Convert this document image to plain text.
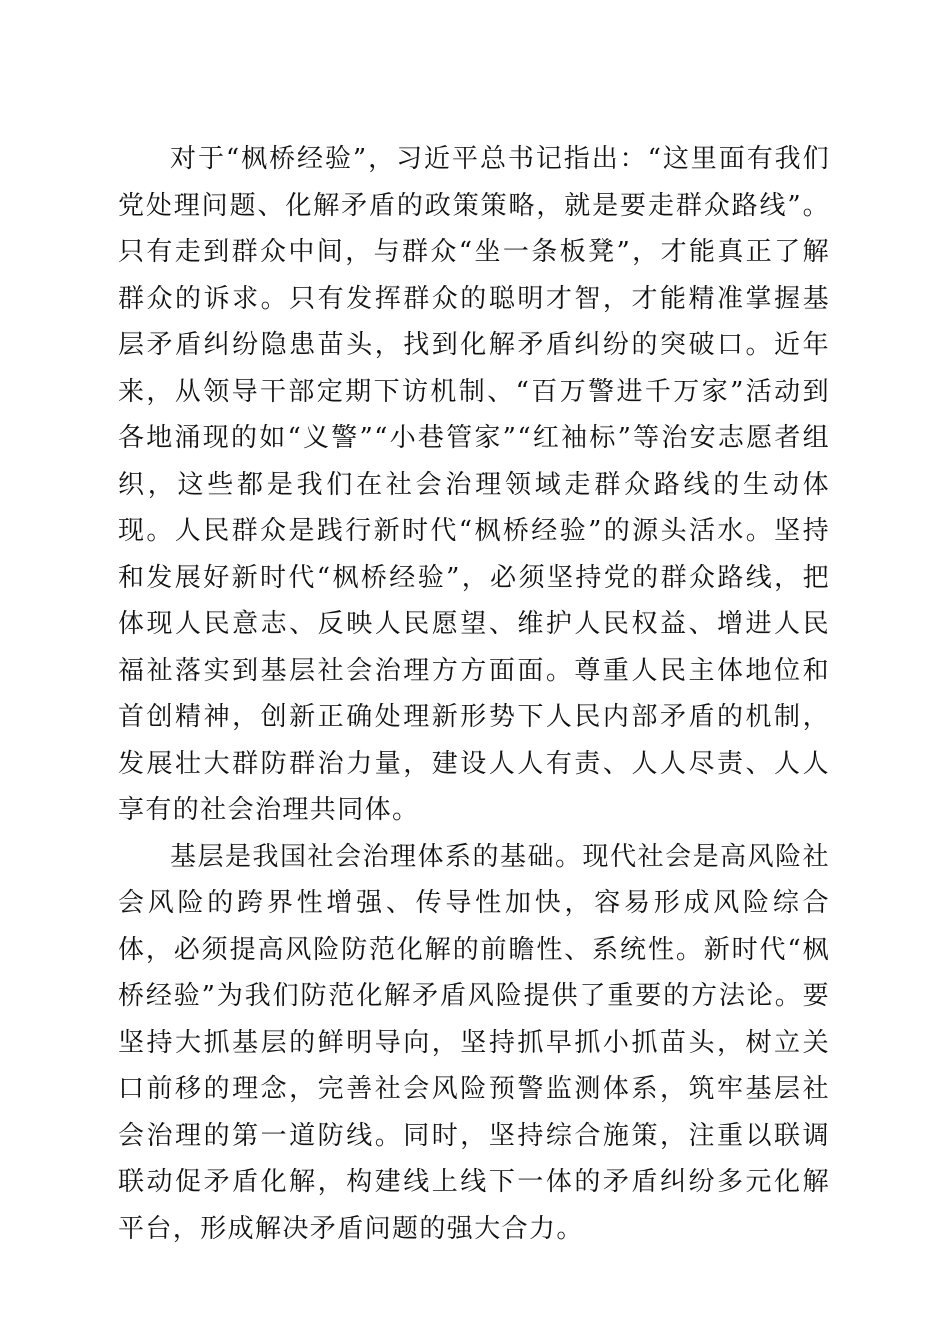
对于“枫桥经验”，习近平总书记指出：“这里面有我们党处理问题、化解矛盾的政策策略，就是要走群众路线”。只有走到群众中间，与群众“坐一条板凳”，才能真正了解群众的诉求。只有发挥群众的聪明才智，才能精准掌握基层矛盾纠纷隐患苗头，找到化解矛盾纠纷的突破口。近年来，从领导干部定期下访机制、“百万警进千万家”活动到各地涌现的如“义警”“小巷管家”“红袖标”等治安志愿者组织，这些都是我们在社会治理领域走群众路线的生动体现。人民群众是践行新时代“枫桥经验”的源头活水。坚持和发展好新时代“枫桥经验”，必须坚持党的群众路线，把体现人民意志、反映人民愿望、维护人民权益、增进人民福祉落实到基层社会治理方方面面。尊重人民主体地位和首创精神，创新正确处理新形势下人民内部矛盾的机制，发展壮大群防群治力量，建设人人有责、人人尽责、人人享有的社会治理共同体。

基层是我国社会治理体系的基础。现代社会是高风险社会风险的跨界性增强、传导性加快，容易形成风险综合体，必须提高风险防范化解的前瞻性、系统性。新时代“枫桥经验”为我们防范化解矛盾风险提供了重要的方法论。要坚持大抓基层的鲜明导向，坚持抓早抓小抓苗头，树立关口前移的理念，完善社会风险预警监测体系，筑牢基层社会治理的第一道防线。同时，坚持综合施策，注重以联调联动促矛盾化解，构建线上线下一体的矛盾纠纷多元化解平台，形成解决矛盾问题的强大合力。
